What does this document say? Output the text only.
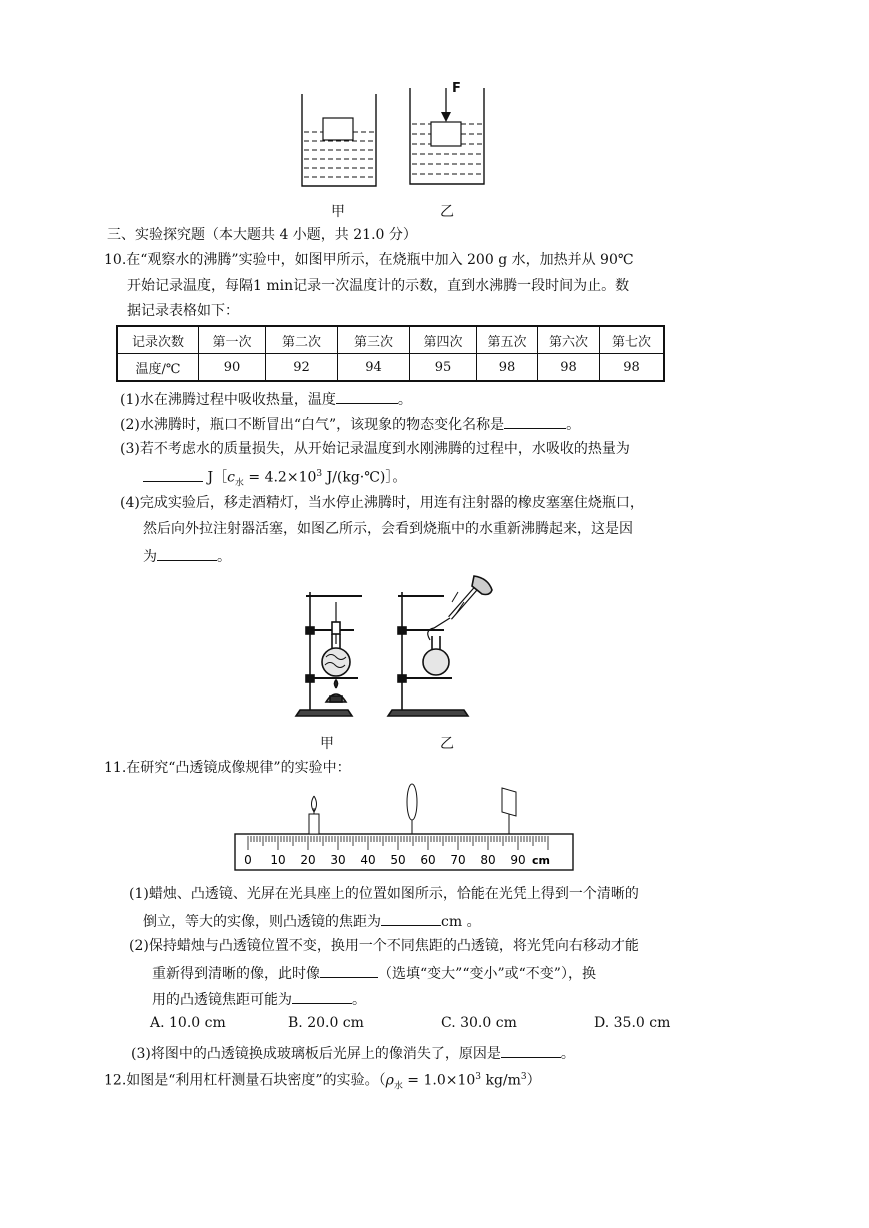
F
甲	乙
三、实验探究题（本大题共 4 小题，共 21.0 分）
10.在“观察水的沸腾”实验中，如图甲所示，在烧瓶中加入 200 g 水，加热并从 90℃
开始记录温度，每隔1 min记录一次温度计的示数，直到水沸腾一段时间为止。数
据记录表格如下：
记录次数	第一次	第二次	第三次	第四次	第五次	第六次	第七次
温度/℃	90	92	94	95	98	98	98
(1)水在沸腾过程中吸收热量，温度	。
(2)水沸腾时，瓶口不断冒出“白气”，该现象的物态变化名称是	。
(3)若不考虑水的质量损失，从开始记录温度到水刚沸腾的过程中，水吸收的热量为
$J[c_水 = 4.2\times 10^3$ J/(kg·℃)］。
(4)完成实验后，移走酒精灯，当水停止沸腾时，用连有注射器的橡皮塞塞住烧瓶口，
然后向外拉注射器活塞，如图乙所示，会看到烧瓶中的水重新沸腾起来，这是因
为	。
甲	乙
11.在研究“凸透镜成像规律”的实验中：
0 10 20 30 40 50 60 70 80 90 cm
(1)蜡烛、凸透镜、光屏在光具座上的位置如图所示，恰能在光凭上得到一个清晰的
倒立，等大的实像，则凸透镜的焦距为	cm 。
(2)保持蜡烛与凸透镜位置不变，换用一个不同焦距的凸透镜，将光凭向右移动才能
重新得到清晰的像，此时像	（选填“变大”“变小”或“不变”），换
用的凸透镜焦距可能为	。
A. 10.0 cm	B. 20.0 cm	C. 30.0 cm	D. 35.0 cm
(3)将图中的凸透镜换成玻璃板后光屏上的像消失了，原因是	。
12.如图是“利用杠杆测量石块密度”的实验。（$\rho_水 = 1.0\times 10^3$ $kg/m^3$）
